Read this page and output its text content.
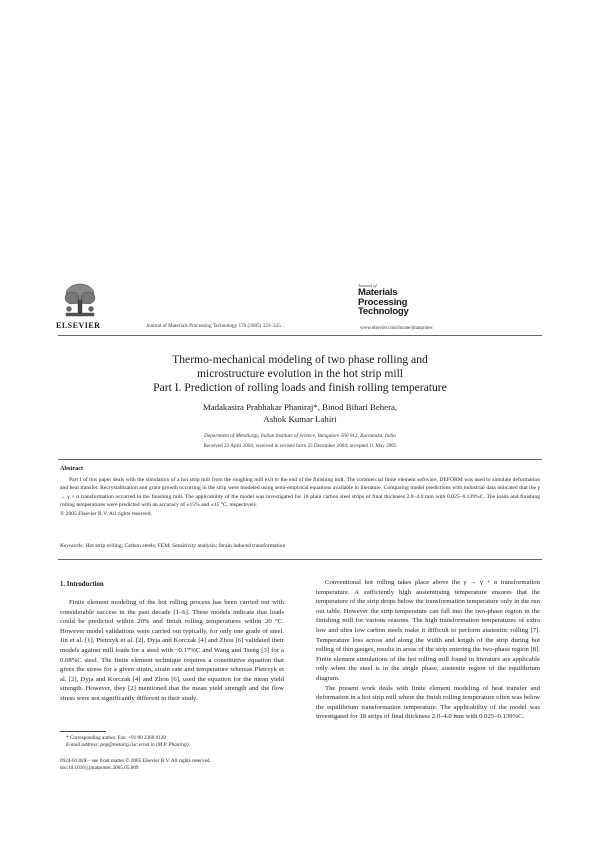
ELSEVIER	Journal of Materials Processing Technology 170 (2005) 323–335
Journal of
Materials
Processing
Technology
www.elsevier.com/locate/jmatprotec
Thermo-mechanical modeling of two phase rolling and
microstructure evolution in the hot strip mill
Part I. Prediction of rolling loads and finish rolling temperature
Madakasira Prabhakar Phaniraj*, Binod Bihari Behera,
Ashok Kumar Lahiri
Department of Metallurgy, Indian Institute of Science, Bangalore 560 012, Karnataka, India
Received 23 April 2004; received in revised form 23 December 2004; accepted 11 May 2005
Abstract

Part I of this paper deals with the simulation of a hot strip mill from the roughing mill exit to the end of the finishing mill. The commercial finite element software, DEFORM was used to simulate deformation and heat transfer. Recrystallisation and grain growth occurring in the strip were modeled using semi-empirical equations available in literature. Comparing model predictions with industrial data indicated that the γ → γ + α transformation occurred in the finishing mill. The applicability of the model was investigated for 18 plain carbon steel strips of final thickness 2.0–4.0 mm with 0.025–0.139%C. The loads and finishing rolling temperatures were predicted with an accuracy of ±15% and ±15 °C, respectively.

© 2005 Elsevier B.V. All rights reserved.
Keywords: Hot strip rolling; Carbon steels; FEM; Sensitivity analysis; Strain induced transformation
1. Introduction

Finite element modeling of the hot rolling process has been carried out with considerable success in the past decade [1–6]. These models indicate that loads could be predicted within 20% and finish rolling temperatures within 20 °C. However model validations were carried out typically, for only one grade of steel. Jin et al. [1], Pietrzyk et al. [2], Dyja and Korczak [4] and Zhou [6] validated their models against mill loads for a steel with ~0.17%C and Wang and Tseng [3] for a 0.08%C steel. The finite element technique requires a constitutive equation that gives the stress for a given strain, strain rate and temperature whereas Pietrzyk et al. [2], Dyja and Korczak [4] and Zhou [6], used the equation for the mean yield strength. However, they [2] mentioned that the mean yield strength and the flow stress were not significantly different in their study.

Conventional hot rolling takes place above the γ → γ + α transformation temperature. A sufficiently high austenitising temperature ensures that the temperature of the strip drops below the transformation temperature only in the run out table. However the strip temperature can fall into the two-phase region in the finishing mill for various reasons. The high transformation temperatures of extra low and ultra low carbon steels make it difficult to perform austenitic rolling [7]. Temperature loss across and along the width and length of the strip during hot rolling of thin gauges, results in areas of the strip entering the two-phase region [8]. Finite element simulations of the hot rolling mill found in literature are applicable only when the steel is in the single phase, austenite region of the equilibrium diagram.

The present work deals with finite element modeling of heat transfer and deformation in a hot strip mill where the finish rolling temperature often was below the equilibrium transformation temperature. The applicability of the model was investigated for 18 strips of final thickness 2.0–4.0 mm with 0.025–0.139%C.

* Corresponding author. Fax: +91 80 2360 0120
E-mail address: pnp@metalrg.iisc.ernet.in (M.P. Phaniraj).
0924-0136/$ – see front matter © 2005 Elsevier B.V. All rights reserved.
doi:10.1016/j.jmatprotec.2005.05.009
